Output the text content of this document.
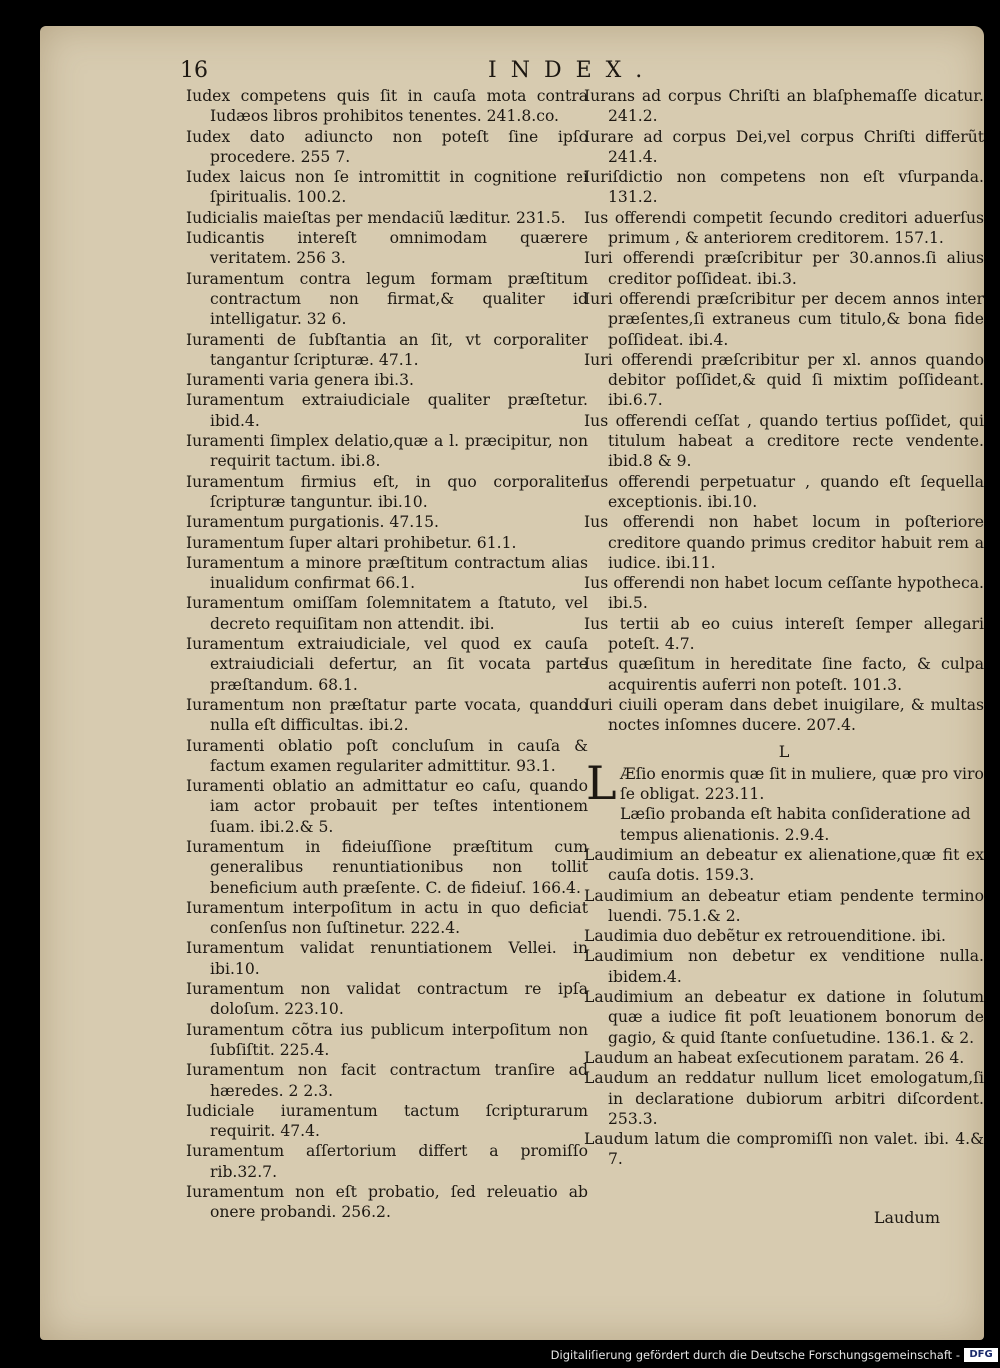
16	INDEX.

Iudex competens quis ſit in cauſa mota contra Iudæos libros prohibitos tenentes. 241.8.co.

Iudex dato adiuncto non poteſt ſine ipſo procedere. 255 7.

Iudex laicus non ſe intromittit in cognitione rei ſpiritualis. 100.2.

Iudicialis maieſtas per mendaciũ læditur. 231.5.

Iudicantis intereſt omnimodam quærere veritatem. 256 3.

Iuramentum contra legum formam præſtitum contractum non firmat,& qualiter id intelligatur. 32 6.

Iuramenti de ſubſtantia an ſit, vt corporaliter tangantur ſcripturæ. 47.1.

Iuramenti varia genera ibi.3.

Iuramentum extraiudiciale qualiter præſtetur. ibid.4.

Iuramenti ſimplex delatio,quæ a l. præcipitur, non requirit tactum. ibi.8.

Iuramentum firmius eſt, in quo corporaliter ſcripturæ tanguntur. ibi.10.

Iuramentum purgationis. 47.15.

Iuramentum ſuper altari prohibetur. 61.1.

Iuramentum a minore præſtitum contractum alias inualidum confirmat 66.1.

Iuramentum omiſſam ſolemnitatem a ſtatuto, vel decreto requiſitam non attendit. ibi.

Iuramentum extraiudiciale, vel quod ex cauſa extraiudiciali defertur, an ſit vocata parte præſtandum. 68.1.

Iuramentum non præſtatur parte vocata, quando nulla eſt difficultas. ibi.2.

Iuramenti oblatio poſt concluſum in cauſa & factum examen regulariter admittitur. 93.1.

Iuramenti oblatio an admittatur eo caſu, quando iam actor probauit per teſtes intentionem ſuam. ibi.2.& 5.

Iuramentum in fideiuſſione præſtitum cum generalibus renuntiationibus non tollit beneficium auth præſente. C. de fideiuſ. 166.4.

Iuramentum interpoſitum in actu in quo deficiat conſenſus non ſuſtinetur. 222.4.

Iuramentum validat renuntiationem Vellei. in ibi.10.

Iuramentum non validat contractum re ipſa doloſum. 223.10.

Iuramentum cõtra ius publicum interpoſitum non ſubſiſtit. 225.4.

Iuramentum non facit contractum tranſire ad hæredes. 2 2.3.

Iudiciale iuramentum tactum ſcripturarum requirit. 47.4.

Iuramentum aſſertorium differt a promiſſo rib.32.7.

Iuramentum non eſt probatio, ſed releuatio ab onere probandi. 256.2.

Iurans ad corpus Chriſti an blaſphemaſſe dicatur. 241.2.

Iurare ad corpus Dei,vel corpus Chriſti differũt 241.4.

Iuriſdictio non competens non eſt vſurpanda. 131.2.

Ius offerendi competit ſecundo creditori aduerſus primum , & anteriorem creditorem. 157.1.

Iuri offerendi præſcribitur per 30.annos.ſi alius creditor poſſideat. ibi.3.

Iuri offerendi præſcribitur per decem annos inter præſentes,ſi extraneus cum titulo,& bona fide poſſideat. ibi.4.

Iuri offerendi præſcribitur per xl. annos quando debitor poſſidet,& quid ſi mixtim poſſideant. ibi.6.7.

Ius offerendi ceſſat , quando tertius poſſidet, qui titulum habeat a creditore recte vendente. ibid.8 & 9.

Ius offerendi perpetuatur , quando eſt ſequella exceptionis. ibi.10.

Ius offerendi non habet locum in poſteriore creditore quando primus creditor habuit rem a iudice. ibi.11.

Ius offerendi non habet locum ceſſante hypotheca. ibi.5.

Ius tertii ab eo cuius intereſt ſemper allegari poteſt. 4.7.

Ius quæſitum in hereditate ſine facto, & culpa acquirentis auferri non poteſt. 101.3.

Iuri ciuili operam dans debet inuigilare, & multas noctes inſomnes ducere. 207.4.

L
L Æſio enormis quæ ſit in muliere, quæ pro viro ſe obligat. 223.11.

Læſio probanda eſt habita conſideratione ad tempus alienationis. 2.9.4.

Laudimium an debeatur ex alienatione,quæ fit ex cauſa dotis. 159.3.

Laudimium an debeatur etiam pendente termino luendi. 75.1.& 2.

Laudimia duo debẽtur ex retrouenditione. ibi.

Laudimium non debetur ex venditione nulla. ibidem.4.

Laudimium an debeatur ex datione in ſolutum quæ a iudice fit poſt leuationem bonorum de gagio, & quid ſtante conſuetudine. 136.1. & 2.

Laudum an habeat exſecutionem paratam. 26 4.

Laudum an reddatur nullum licet emologatum,ſi in declaratione dubiorum arbitri diſcordent. 253.3.

Laudum latum die compromiſſi non valet. ibi. 4.& 7.

Laudum
Digitaliſierung gefördert durch die Deutsche Forschungsgemeinschaft - DFG
